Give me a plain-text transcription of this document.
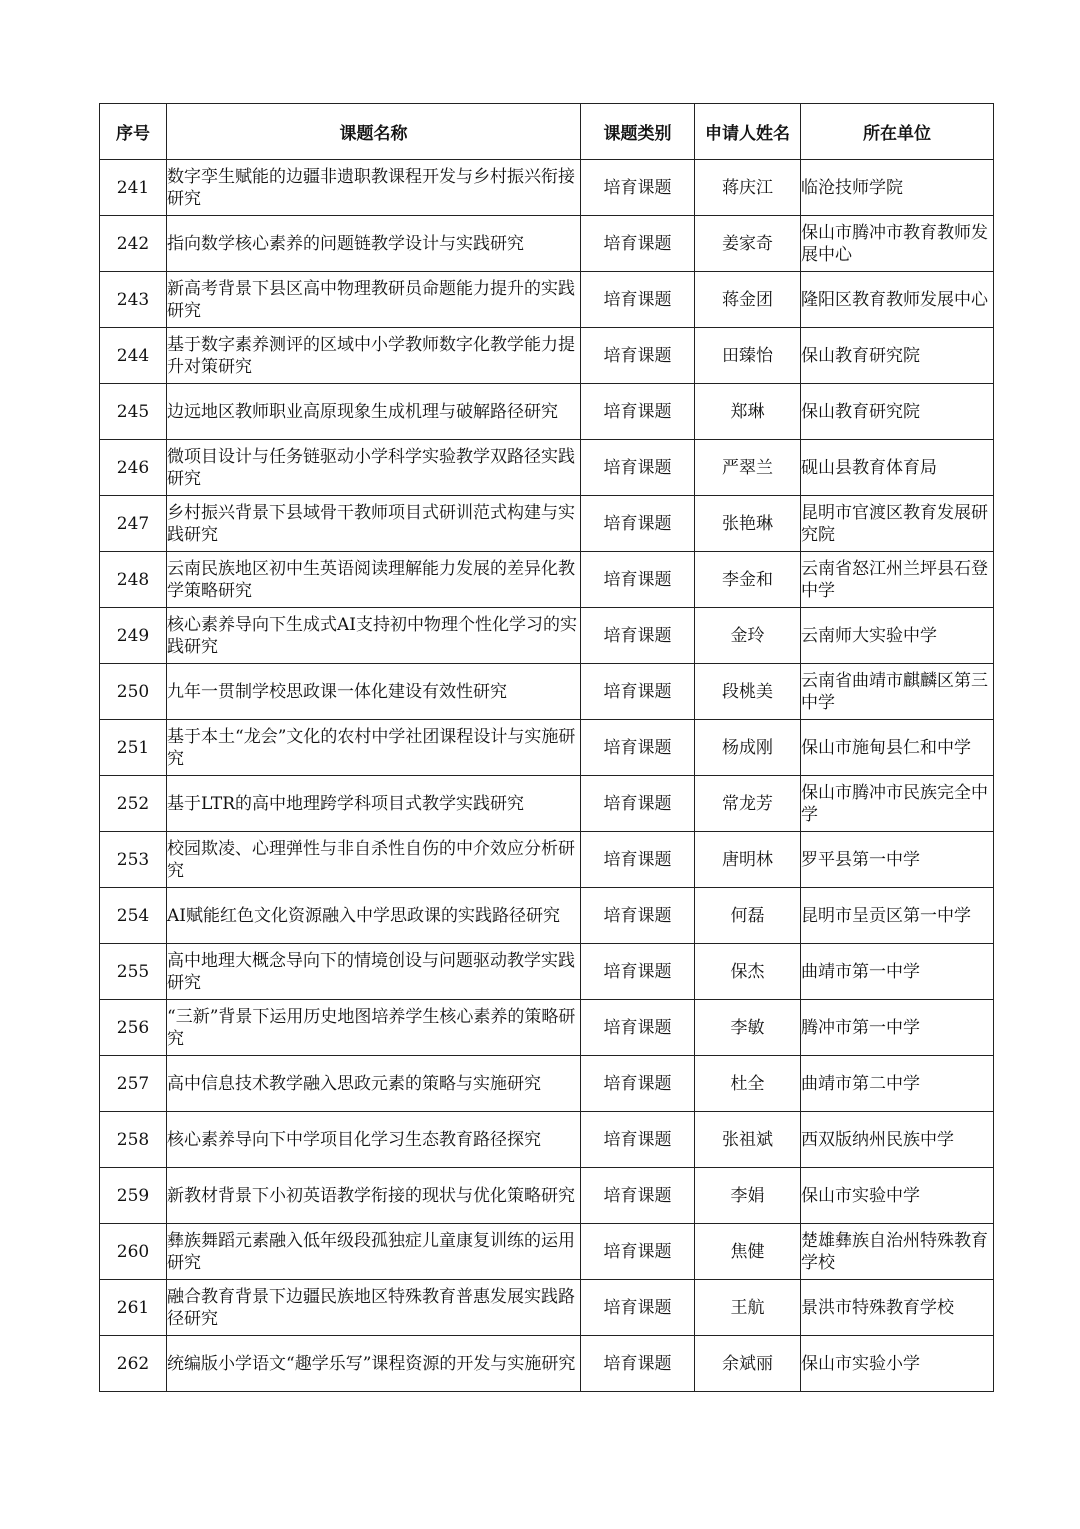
序号	课题名称	课题类别	申请人姓名	所在单位
241	数字孪生赋能的边疆非遗职教课程开发与乡村振兴衔接研究	培育课题	蒋庆江	临沧技师学院
242	指向数学核心素养的问题链教学设计与实践研究	培育课题	姜家奇	保山市腾冲市教育教师发展中心
243	新高考背景下县区高中物理教研员命题能力提升的实践研究	培育课题	蒋金团	隆阳区教育教师发展中心
244	基于数字素养测评的区域中小学教师数字化教学能力提升对策研究	培育课题	田臻怡	保山教育研究院
245	边远地区教师职业高原现象生成机理与破解路径研究	培育课题	郑琳	保山教育研究院
246	微项目设计与任务链驱动小学科学实验教学双路径实践研究	培育课题	严翠兰	砚山县教育体育局
247	乡村振兴背景下县域骨干教师项目式研训范式构建与实践研究	培育课题	张艳琳	昆明市官渡区教育发展研究院
248	云南民族地区初中生英语阅读理解能力发展的差异化教学策略研究	培育课题	李金和	云南省怒江州兰坪县石登中学
249	核心素养导向下生成式AI支持初中物理个性化学习的实践研究	培育课题	金玲	云南师大实验中学
250	九年一贯制学校思政课一体化建设有效性研究	培育课题	段桃美	云南省曲靖市麒麟区第三中学
251	基于本土“龙会”文化的农村中学社团课程设计与实施研究	培育课题	杨成刚	保山市施甸县仁和中学
252	基于LTR的高中地理跨学科项目式教学实践研究	培育课题	常龙芳	保山市腾冲市民族完全中学
253	校园欺凌、心理弹性与非自杀性自伤的中介效应分析研究	培育课题	唐明林	罗平县第一中学
254	AI赋能红色文化资源融入中学思政课的实践路径研究	培育课题	何磊	昆明市呈贡区第一中学
255	高中地理大概念导向下的情境创设与问题驱动教学实践研究	培育课题	保杰	曲靖市第一中学
256	“三新”背景下运用历史地图培养学生核心素养的策略研究	培育课题	李敏	腾冲市第一中学
257	高中信息技术教学融入思政元素的策略与实施研究	培育课题	杜全	曲靖市第二中学
258	核心素养导向下中学项目化学习生态教育路径探究	培育课题	张祖斌	西双版纳州民族中学
259	新教材背景下小初英语教学衔接的现状与优化策略研究	培育课题	李娟	保山市实验中学
260	彝族舞蹈元素融入低年级段孤独症儿童康复训练的运用研究	培育课题	焦健	楚雄彝族自治州特殊教育学校
261	融合教育背景下边疆民族地区特殊教育普惠发展实践路径研究	培育课题	王航	景洪市特殊教育学校
262	统编版小学语文“趣学乐写”课程资源的开发与实施研究	培育课题	余斌丽	保山市实验小学
